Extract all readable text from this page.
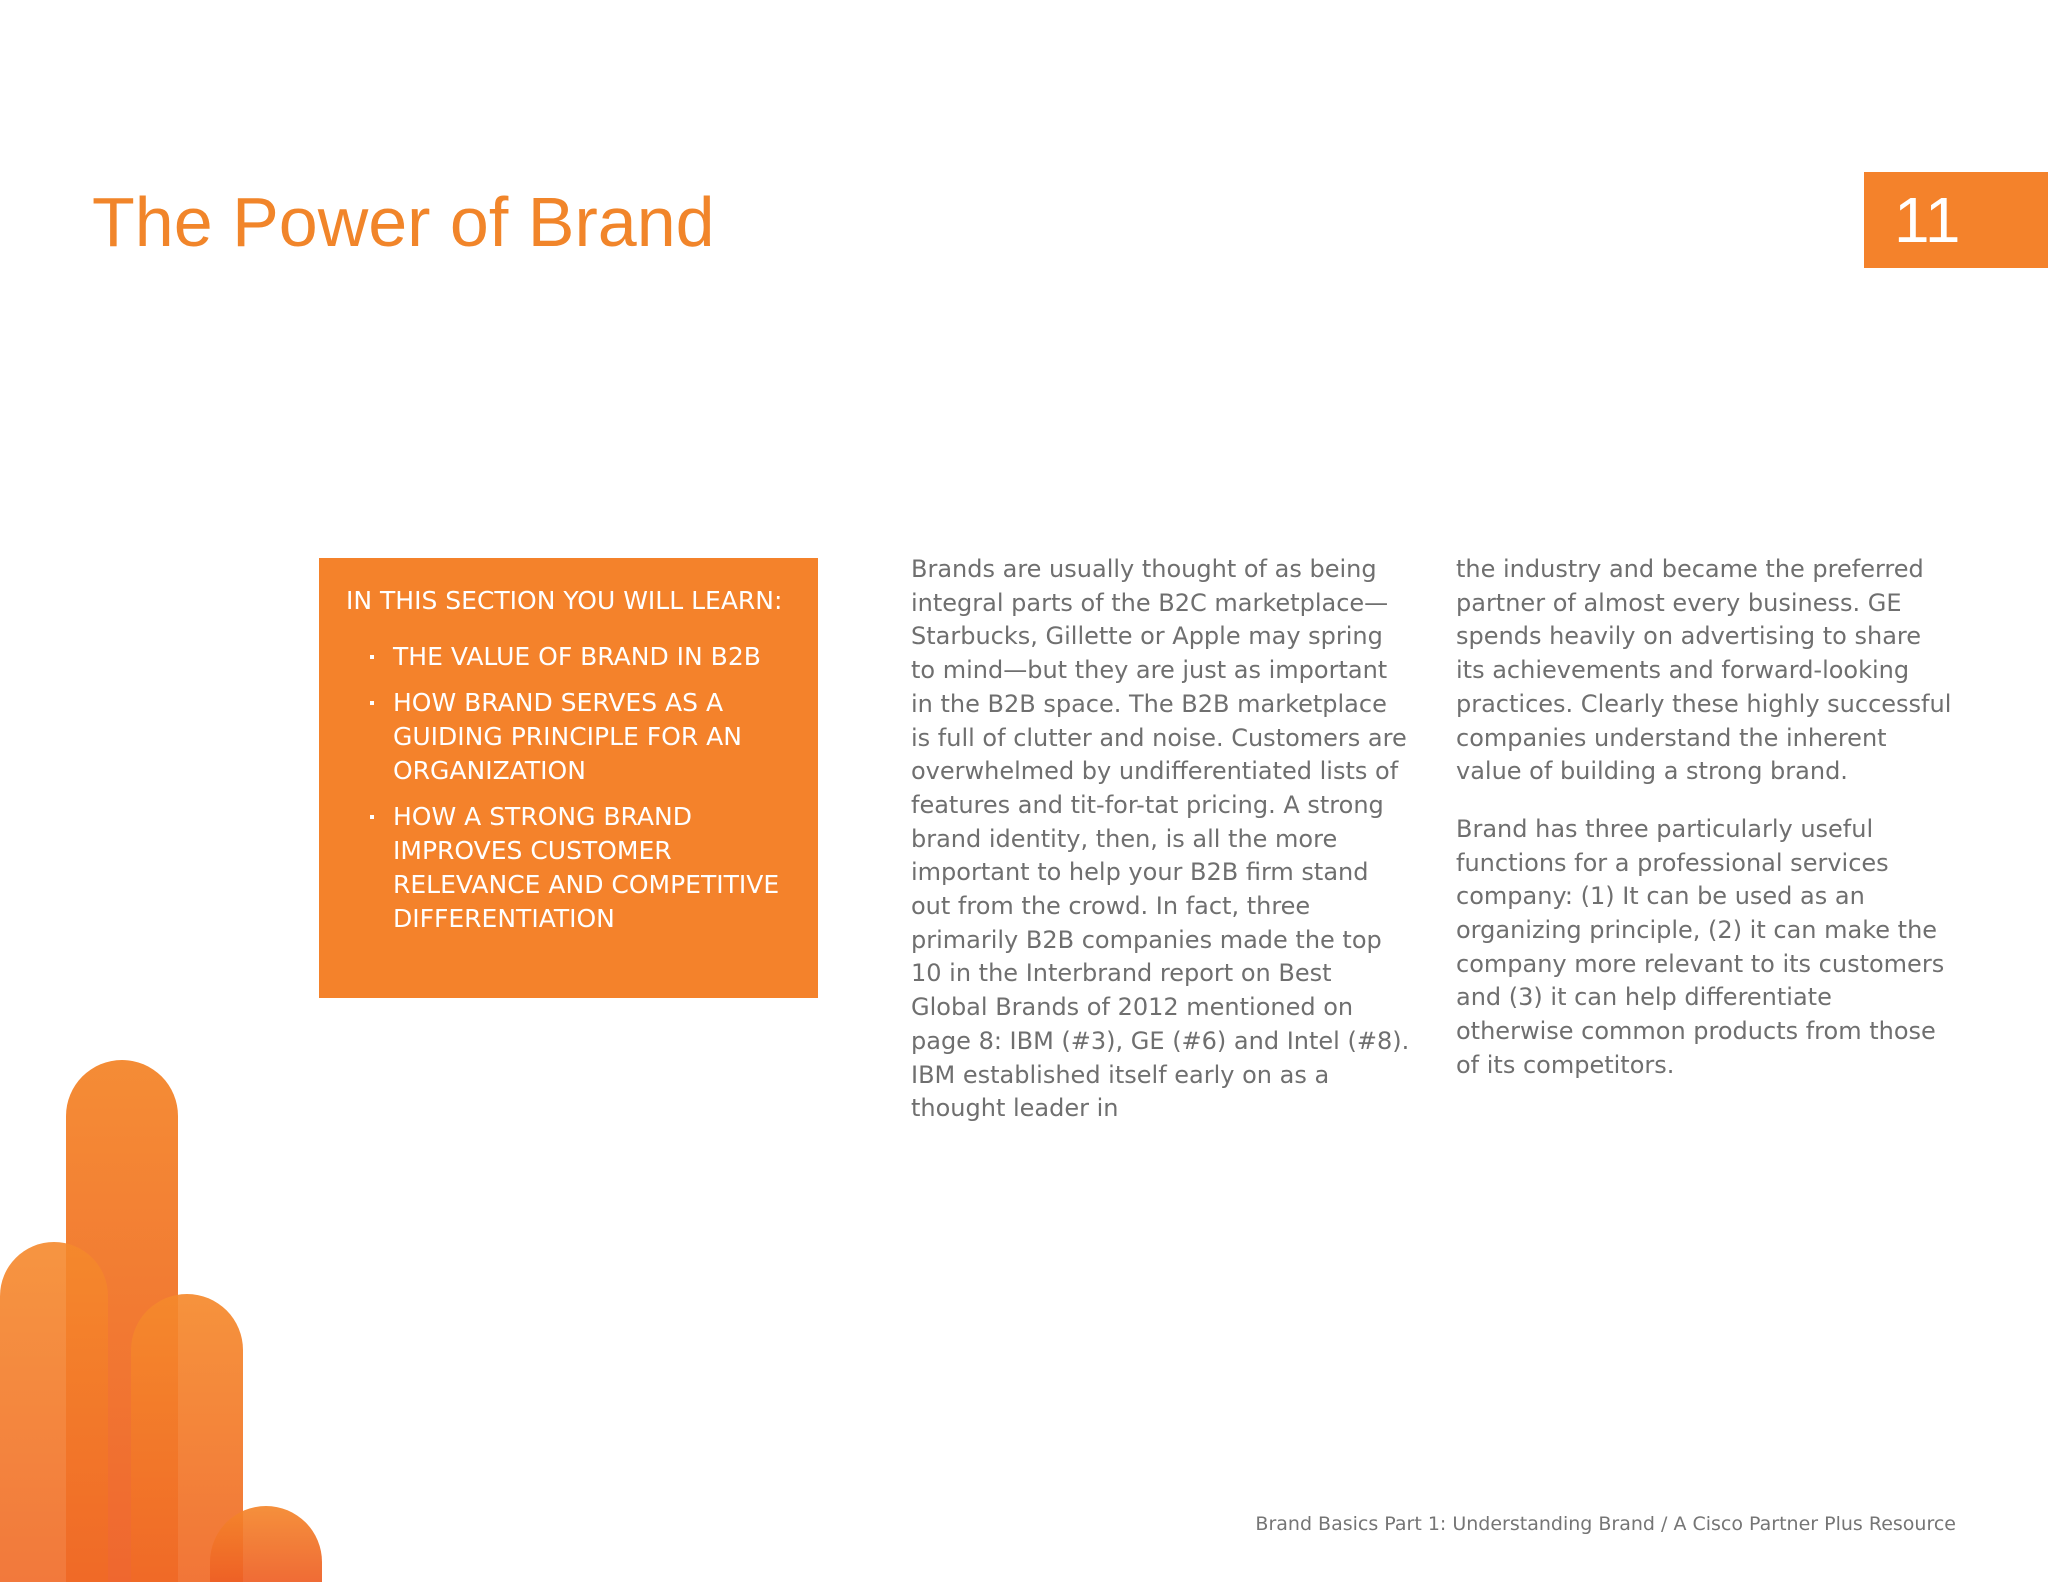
The Power of Brand	11

IN THIS SECTION YOU WILL LEARN:

THE VALUE OF BRAND IN B2B
HOW BRAND SERVES AS A GUIDING PRINCIPLE FOR AN ORGANIZATION
HOW A STRONG BRAND IMPROVES CUSTOMER RELEVANCE AND COMPETITIVE DIFFERENTIATION

Brands are usually thought of as being integral parts of the B2C marketplace—Starbucks, Gillette or Apple may spring to mind—but they are just as important in the B2B space. The B2B marketplace is full of clutter and noise. Customers are overwhelmed by undifferentiated lists of features and tit-for-tat pricing. A strong brand identity, then, is all the more important to help your B2B firm stand out from the crowd. In fact, three primarily B2B companies made the top 10 in the Interbrand report on Best Global Brands of 2012 mentioned on page 8: IBM (#3), GE (#6) and Intel (#8). IBM established itself early on as a thought leader in

the industry and became the preferred partner of almost every business. GE spends heavily on advertising to share its achievements and forward-looking practices. Clearly these highly successful companies understand the inherent value of building a strong brand.

Brand has three particularly useful functions for a professional services company: (1) It can be used as an organizing principle, (2) it can make the company more relevant to its customers and (3) it can help differentiate otherwise common products from those of its competitors.

Brand Basics Part 1: Understanding Brand / A Cisco Partner Plus Resource
